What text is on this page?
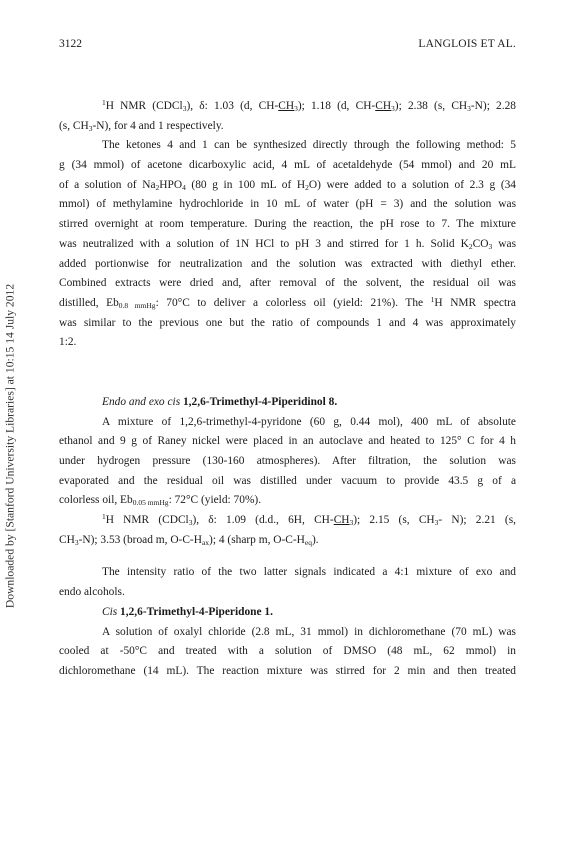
Downloaded by [Stanford University Libraries] at 10:15 14 July 2012
3122	LANGLOIS ET AL.
$^1$H NMR (CDCl$_3$), δ: 1.03 (d, $CH-CH_3$); 1.18 (d, $CH-CH_3$); 2.38 (s, $CH_3-N$); 2.28
(s, $CH_3-N$), for 4 and 1 respectively.
The ketones 4 and 1 can be synthesized directly through the following method: 5
g (34 mmol) of acetone dicarboxylic acid, 4 mL of acetaldehyde (54 mmol) and 20 mL
of a solution of $Na_2HPO_4$ (80 g in 100 mL of $H_2O$) were added to a solution of 2.3 g (34
mmol) of methylamine hydrochloride in 10 mL of water (pH = 3) and the solution was
stirred overnight at room temperature. During the reaction, the pH rose to 7. The mixture
was neutralized with a solution of 1N HCl to pH 3 and stirred for 1 h. Solid $K_2CO_3$ was
added portionwise for neutralization and the solution was extracted with diethyl ether.
Combined extracts were dried and, after removal of the solvent, the residual oil was
distilled, $Eb_{0.8 mmHg}$: 70°C to deliver a colorless oil (yield: 21%). The $^1$H NMR spectra
was similar to the previous one but the ratio of compounds 1 and 4 was approximately
1:2.
Endo and exo cis 1,2,6-Trimethyl-4-Piperidinol 8.
A mixture of 1,2,6-trimethyl-4-pyridone (60 g, 0.44 mol), 400 mL of absolute
ethanol and 9 g of Raney nickel were placed in an autoclave and heated to 125° C for 4 h
under hydrogen pressure (130-160 atmospheres). After filtration, the solution was
evaporated and the residual oil was distilled under vacuum to provide 43.5 g of a
colorless oil, $Eb_{0.05 mmHg}$: 72°C (yield: 70%).
$^1$H NMR (CDCl$_3$), δ: 1.09 (d.d., 6H, $CH-CH_3$); 2.15 (s, $CH_3-$ N); 2.21 (s,
$CH_3-N$); 3.53 (broad m, $O-C-H_{ax}$); 4 (sharp m, $O-C-H_{eq}$).
The intensity ratio of the two latter signals indicated a 4:1 mixture of exo and
endo alcohols.
Cis 1,2,6-Trimethyl-4-Piperidone 1.
A solution of oxalyl chloride (2.8 mL, 31 mmol) in dichloromethane (70 mL) was
cooled at -50°C and treated with a solution of DMSO (48 mL, 62 mmol) in
dichloromethane (14 mL). The reaction mixture was stirred for 2 min and then treated
